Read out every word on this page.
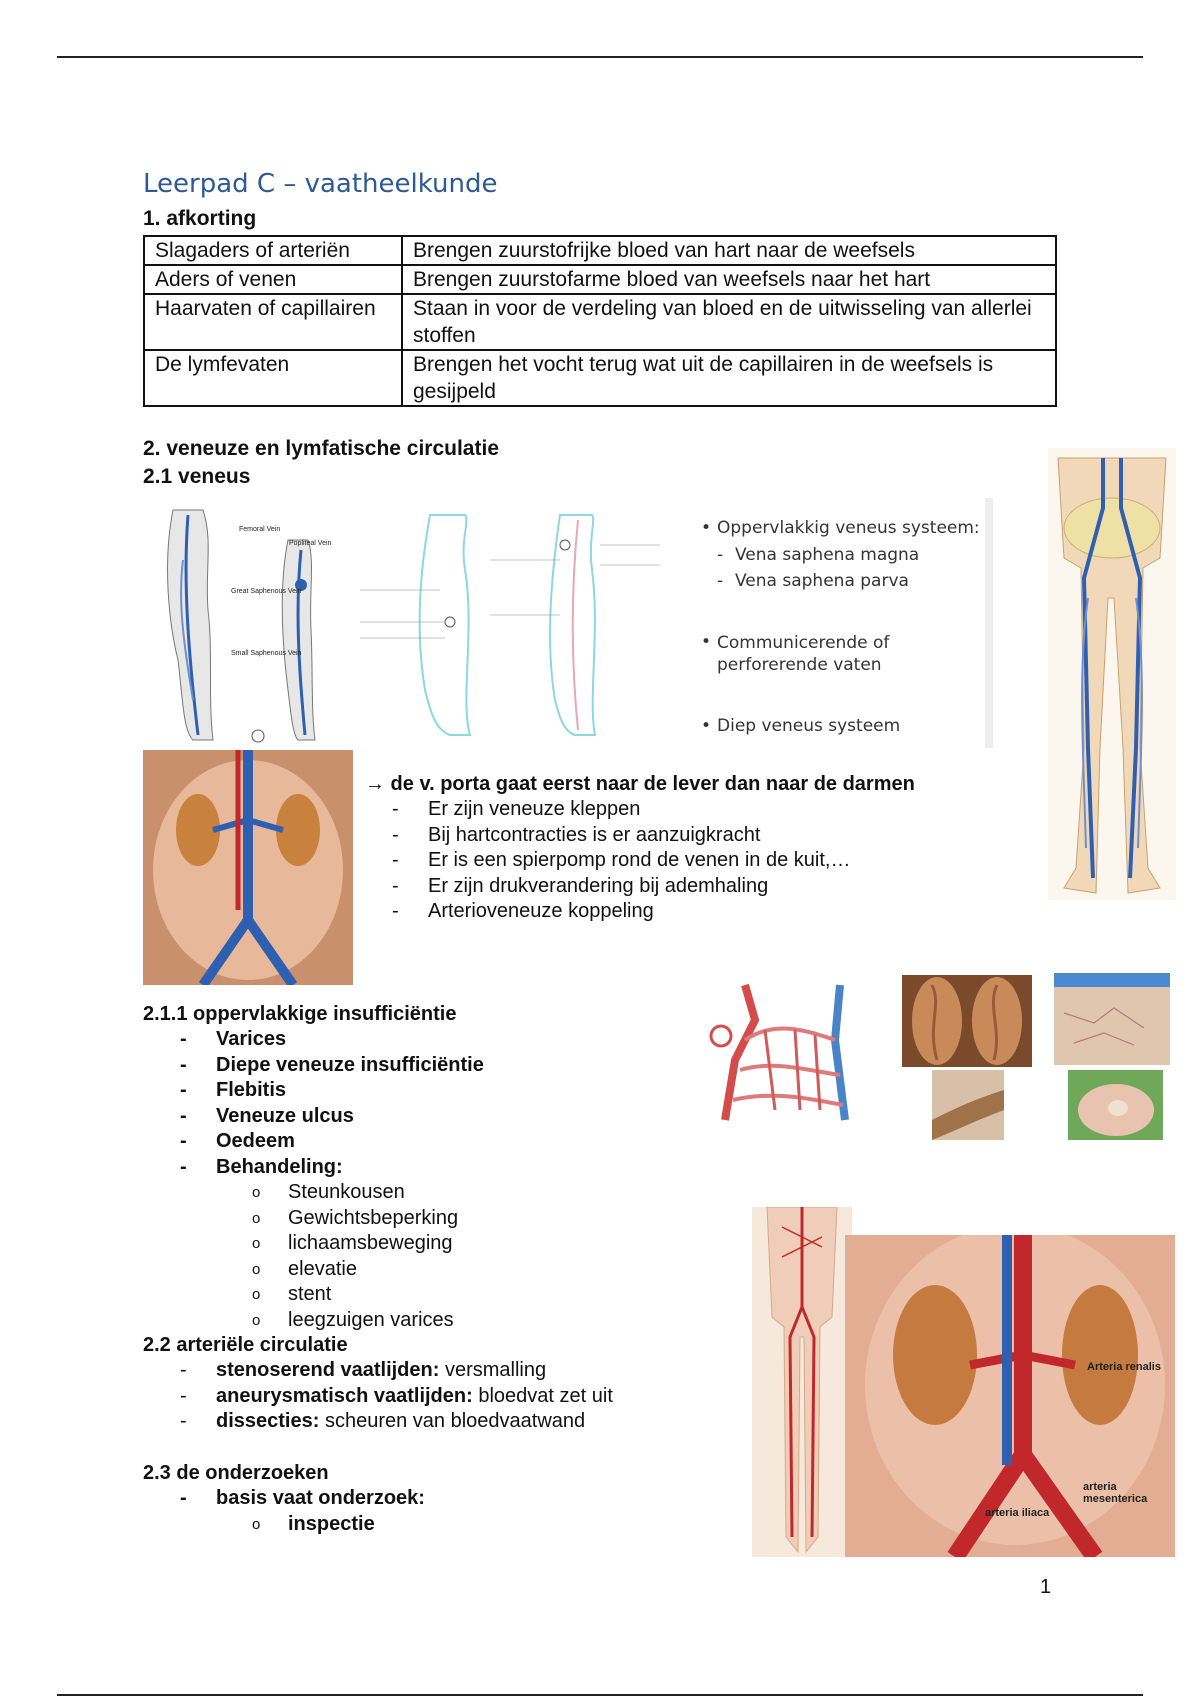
Leerpad C – vaatheelkunde
1. afkorting
Slagaders of arteriën	Brengen zuurstofrijke bloed van hart naar de weefsels
Aders of venen	Brengen zuurstofarme bloed van weefsels naar het hart
Haarvaten of capillairen	Staan in voor de verdeling van bloed en de uitwisseling van allerlei stoffen
De lymfevaten	Brengen het vocht terug wat uit de capillairen in de weefsels is gesijpeld
2. veneuze en lymfatische circulatie
2.1 veneus
Femoral Vein
Popliteal Vein
Great Saphenous Vein
Small Saphenous Vein
• Oppervlakkig veneus systeem:
- Vena saphena magna
- Vena saphena parva
• Communicerende of perforerende vaten
• Diep veneus systeem
→ de v. porta gaat eerst naar de lever dan naar de darmen
- Er zijn veneuze kleppen
- Bij hartcontracties is er aanzuigkracht
- Er is een spierpomp rond de venen in de kuit,…
- Er zijn drukverandering bij ademhaling
- Arterioveneuze koppeling
2.1.1 oppervlakkige insufficiëntie
- Varices
- Diepe veneuze insufficiëntie
- Flebitis
- Veneuze ulcus
- Oedeem
- Behandeling:
o Steunkousen
o Gewichtsbeperking
o lichaamsbeweging
o elevatie
o stent
o leegzuigen varices
2.2 arteriële circulatie
- stenoserend vaatlijden: versmalling
- aneurysmatisch vaatlijden: bloedvat zet uit
- dissecties: scheuren van bloedvaatwand
2.3 de onderzoeken
- basis vaat onderzoek:
o inspectie
Arteria renalis
arteria mesenterica
arteria iliaca
1
